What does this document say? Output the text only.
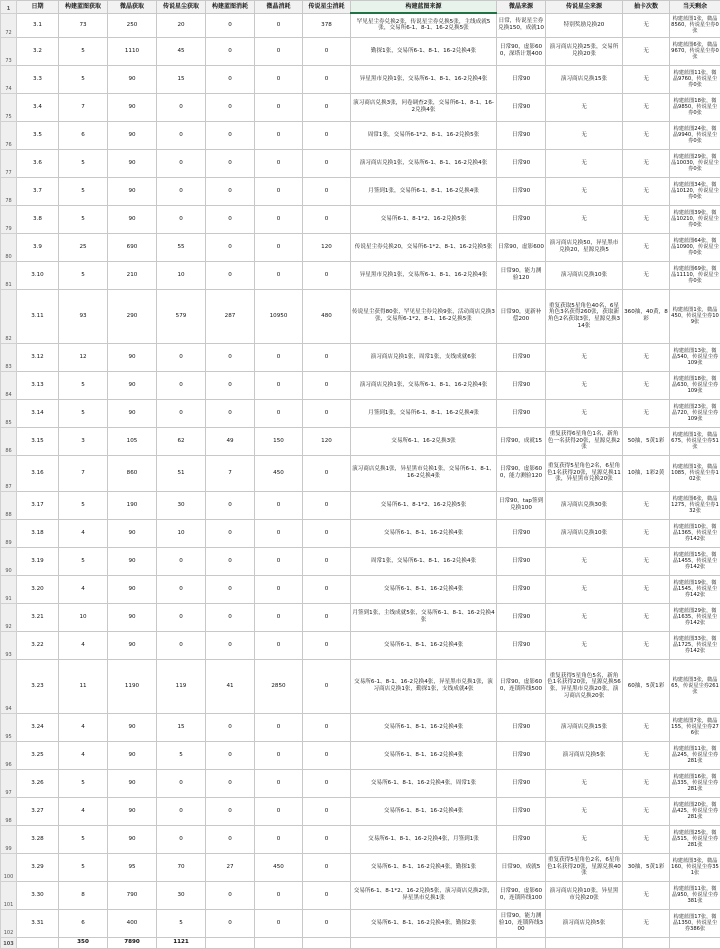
1	日期	构建蓝图获取	微晶获取	传说星尘获取	构建蓝图消耗	微晶消耗	传说星尘消耗	构建蓝图来源	微晶来源	传说星尘来源	抽卡次数	当天剩余
72	3.1	73	250	20	0	0	378	罕见星尘券兑换2张，传说星尘券兑换5张，主线成就5张，交易所6-1、8-1、16-2兑换5张	日常，传说星尘券兑换150，成就10	特别奖励兑换20	无	构建蓝图1张，微晶8560，传说星尘券0张
73	3.2	5	1110	45	0	0	0	勤探1张，交易所6-1、8-1、16-2兑换4张	日常90，虚影600，深塔计划400	演习商店兑换25张，交易所兑换20张	无	构建蓝图6张，微晶9670，传说星尘券0张
74	3.3	5	90	15	0	0	0	异星黑市兑换1张，交易所6-1、8-1、16-2兑换4张	日常90	演习商店兑换15张	无	构建蓝图11张，微晶9760，传说星尘券0张
75	3.4	7	90	0	0	0	0	演习商店兑换3张，问卷调查2张，交易所6-1、8-1、16-2兑换4张	日常90	无	无	构建蓝图18张，微晶9850，传说星尘券0张
76	3.5	6	90	0	0	0	0	周常1张，交易所6-1*2、8-1、16-2兑换5张	日常90	无	无	构建蓝图24张，微晶9940，传说星尘券0张
77	3.6	5	90	0	0	0	0	演习商店兑换1张，交易所6-1、8-1、16-2兑换4张	日常90	无	无	构建蓝图29张，微晶10030，传说星尘券0张
78	3.7	5	90	0	0	0	0	月签到1张，交易所6-1、8-1、16-2兑换4张	日常90	无	无	构建蓝图34张，微晶10120，传说星尘券0张
79	3.8	5	90	0	0	0	0	交易所6-1、8-1*2、16-2兑换5张	日常90	无	无	构建蓝图39张，微晶10210，传说星尘券0张
80	3.9	25	690	55	0	0	120	传说星尘券兑换20，交易所6-1*2、8-1、16-2兑换5张	日常90，虚影600	演习商店兑换50，异星黑市兑换20，星源兑换5	无	构建蓝图64张，微晶10900，传说星尘券0张
81	3.10	5	210	10	0	0	0	异星黑市兑换1张，交易所6-1、8-1、16-2兑换4张	日常90，能力测验120	演习商店兑换10张	无	构建蓝图69张，微晶11110，传说星尘券0张
82	3.11	93	290	579	287	10950	480	传说星尘获得80张，罕见星尘券兑换9张，活动商店兑换3张，交易所6-1*2、8-1、16-2兑换5张	日常90，更新补偿200	重复获取5星角色40名，6星角色3名获得260张，获取新角色2名获取3张，星源兑换314张	360抽，40黄，8彩	构建蓝图1张，微晶450，传说星尘券109张
83	3.12	12	90	0	0	0	0	演习商店兑换1张，周常1张，支线成就6张	日常90	无	无	构建蓝图13张，微晶540，传说星尘券109张
84	3.13	5	90	0	0	0	0	演习商店兑换1张，交易所6-1、8-1、16-2兑换4张	日常90	无	无	构建蓝图18张，微晶630，传说星尘券109张
85	3.14	5	90	0	0	0	0	月签到1张，交易所6-1、8-1、16-2兑换4张	日常90	无	无	构建蓝图23张，微晶720，传说星尘券109张
86	3.15	3	105	62	49	150	120	交易所6-1、16-2兑换3张	日常90，成就15	重复获得6星角色1名，新角色一名获得20张，星源兑换2张	50抽，5黄1彩	构建蓝图1张，微晶675，传说星尘券51张
87	3.16	7	860	51	7	450	0	演习商店兑换1张，异星黑市兑换1张，交易所6-1、8-1、16-2兑换4张	日常90，虚影600，能力测验120	重复获得5星角色2名，6星角色1名获得20张，星源兑换11张，异星黑市兑换20张	10抽，1彩2黄	构建蓝图1张，微晶1085，传说星尘券102张
88	3.17	5	190	30	0	0	0	交易所6-1、8-1*2、16-2兑换5张	日常90，tap签到兑换100	演习商店兑换30张	无	构建蓝图6张，微晶1275，传说星尘券132张
89	3.18	4	90	10	0	0	0	交易所6-1、8-1、16-2兑换4张	日常90	演习商店兑换10张	无	构建蓝图10张，微晶1365，传说星尘券142张
90	3.19	5	90	0	0	0	0	周常1张，交易所6-1、8-1、16-2兑换4张	日常90	无	无	构建蓝图15张，微晶1455，传说星尘券142张
91	3.20	4	90	0	0	0	0	交易所6-1、8-1、16-2兑换4张	日常90	无	无	构建蓝图19张，微晶1545，传说星尘券142张
92	3.21	10	90	0	0	0	0	月签到1张，主线成就5张，交易所6-1、8-1、16-2兑换4张	日常90	无	无	构建蓝图29张，微晶1635，传说星尘券142张
93	3.22	4	90	0	0	0	0	交易所6-1、8-1、16-2兑换4张	日常90	无	无	构建蓝图33张，微晶1725，传说星尘券142张
94	3.23	11	1190	119	41	2850	0	交易所6-1、8-1、16-2兑换4张，异星黑市兑换1张，演习商店兑换1张，勤探1张，支线成就4张	日常90，虚影600，连锁阵线500	重复获得5星角色5名，新角色1名获得20张，星源兑换56张，异星黑市兑换20张，演习商店兑换20张	60抽，5黄1彩	构建蓝图3张，微晶65，传说星尘券261张
95	3.24	4	90	15	0	0	0	交易所6-1、8-1、16-2兑换4张	日常90	演习商店兑换15张	无	构建蓝图7张，微晶155，传说星尘券276张
96	3.25	4	90	5	0	0	0	交易所6-1、8-1、16-2兑换4张	日常90	演习商店兑换5张	无	构建蓝图11张，微晶245，传说星尘券281张
97	3.26	5	90	0	0	0	0	交易所6-1、8-1、16-2兑换4张，周常1张	日常90	无	无	构建蓝图16张，微晶335，传说星尘券281张
98	3.27	4	90	0	0	0	0	交易所6-1、8-1、16-2兑换4张	日常90	无	无	构建蓝图20张，微晶425，传说星尘券281张
99	3.28	5	90	0	0	0	0	交易所6-1、8-1、16-2兑换4张，月签到1张	日常90	无	无	构建蓝图25张，微晶515，传说星尘券281张
100	3.29	5	95	70	27	450	0	交易所6-1、8-1、16-2兑换4张，勤探1张	日常90，成就5	重复获得5星角色2名，6星角色1名获得20张，星源兑换40张	30抽，5黄1彩	构建蓝图3张，微晶160，传说星尘券351张
101	3.30	8	790	30	0	0	0	交易所6-1、8-1*2、16-2兑换5张，演习商店兑换2张，异星黑市兑换1张	日常90，虚影600，连锁阵线100	演习商店兑换10张，异星黑市兑换20张	无	构建蓝图11张，微晶950，传说星尘券381张
102	3.31	6	400	5	0	0	0	交易所6-1、8-1、16-2兑换4张，勤探2张	日常90，能力测验10，连锁阵线300	演习商店兑换5张	无	构建蓝图17张，微晶1350，传说星尘券386张
103		350	7890	1121								
